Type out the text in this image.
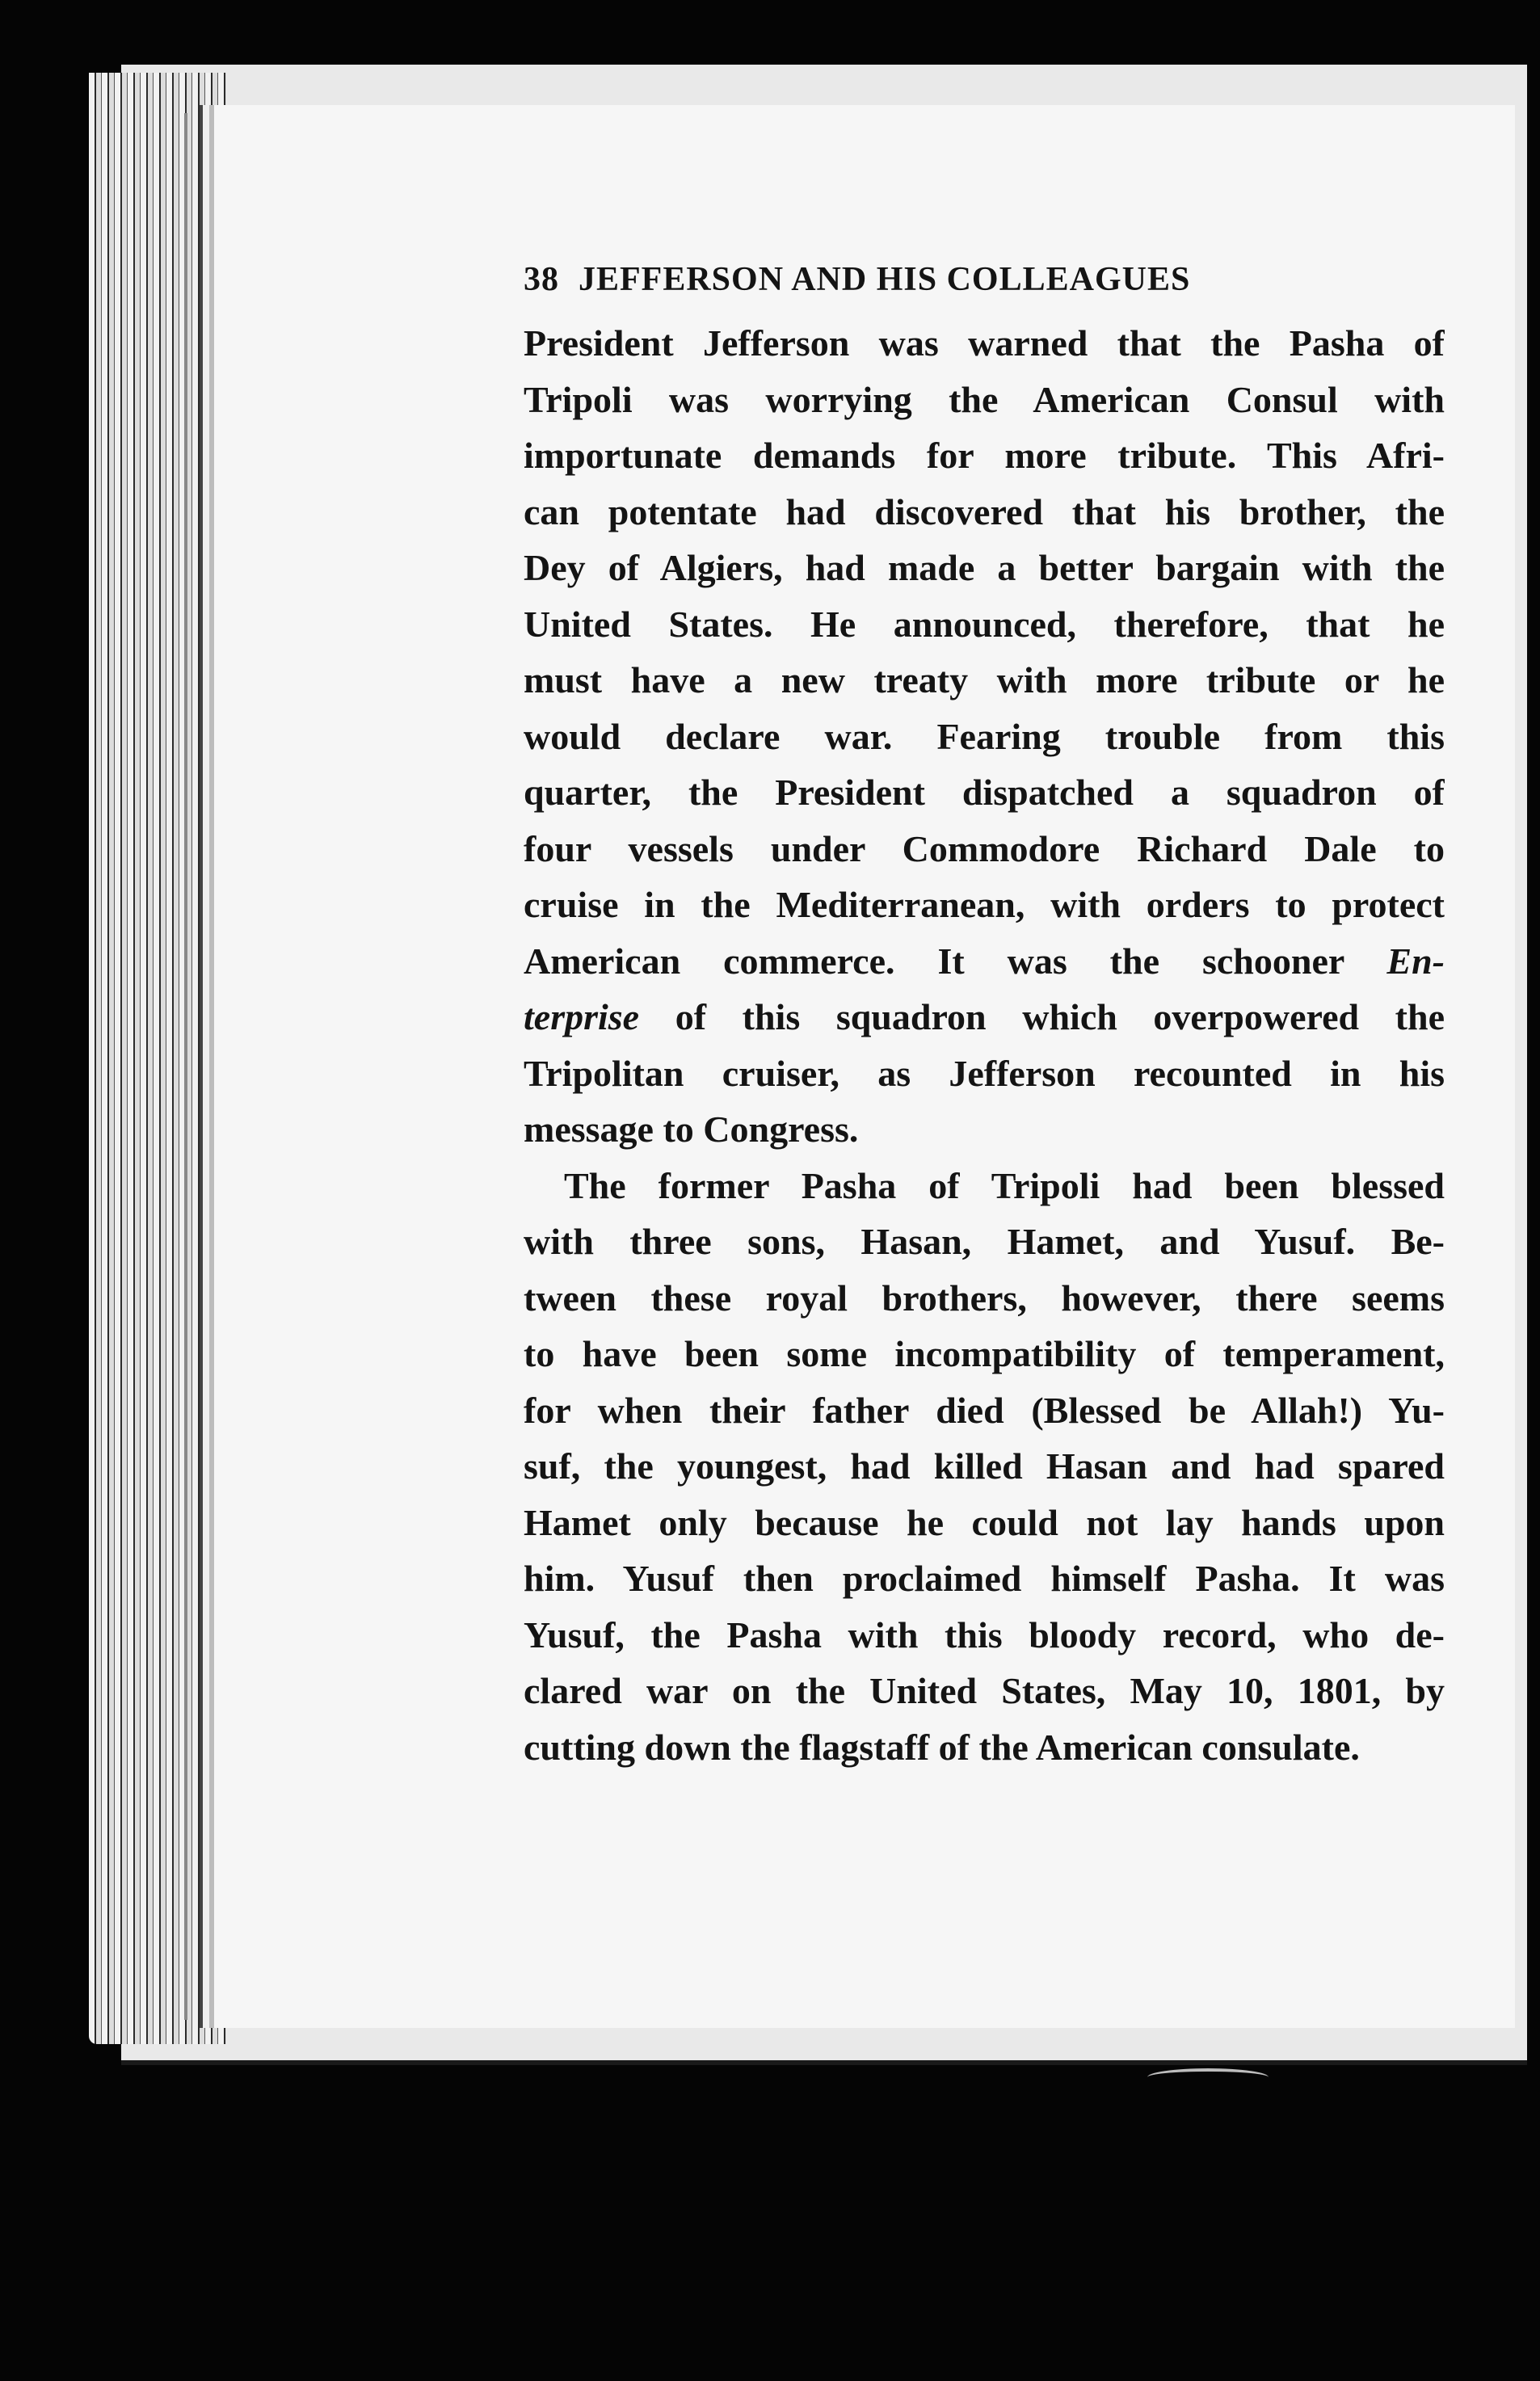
38 JEFFERSON AND HIS COLLEAGUES

President Jefferson was warned that the Pasha of

Tripoli was worrying the American Consul with

importunate demands for more tribute. This Afri-

can potentate had discovered that his brother, the

Dey of Algiers, had made a better bargain with the

United States. He announced, therefore, that he

must have a new treaty with more tribute or he

would declare war. Fearing trouble from this

quarter, the President dispatched a squadron of

four vessels under Commodore Richard Dale to

cruise in the Mediterranean, with orders to protect

American commerce. It was the schooner En-

terprise of this squadron which overpowered the

Tripolitan cruiser, as Jefferson recounted in his

message to Congress.

The former Pasha of Tripoli had been blessed

with three sons, Hasan, Hamet, and Yusuf. Be-

tween these royal brothers, however, there seems

to have been some incompatibility of temperament,

for when their father died (Blessed be Allah!) Yu-

suf, the youngest, had killed Hasan and had spared

Hamet only because he could not lay hands upon

him. Yusuf then proclaimed himself Pasha. It was

Yusuf, the Pasha with this bloody record, who de-

clared war on the United States, May 10, 1801, by

cutting down the flagstaff of the American consulate.
